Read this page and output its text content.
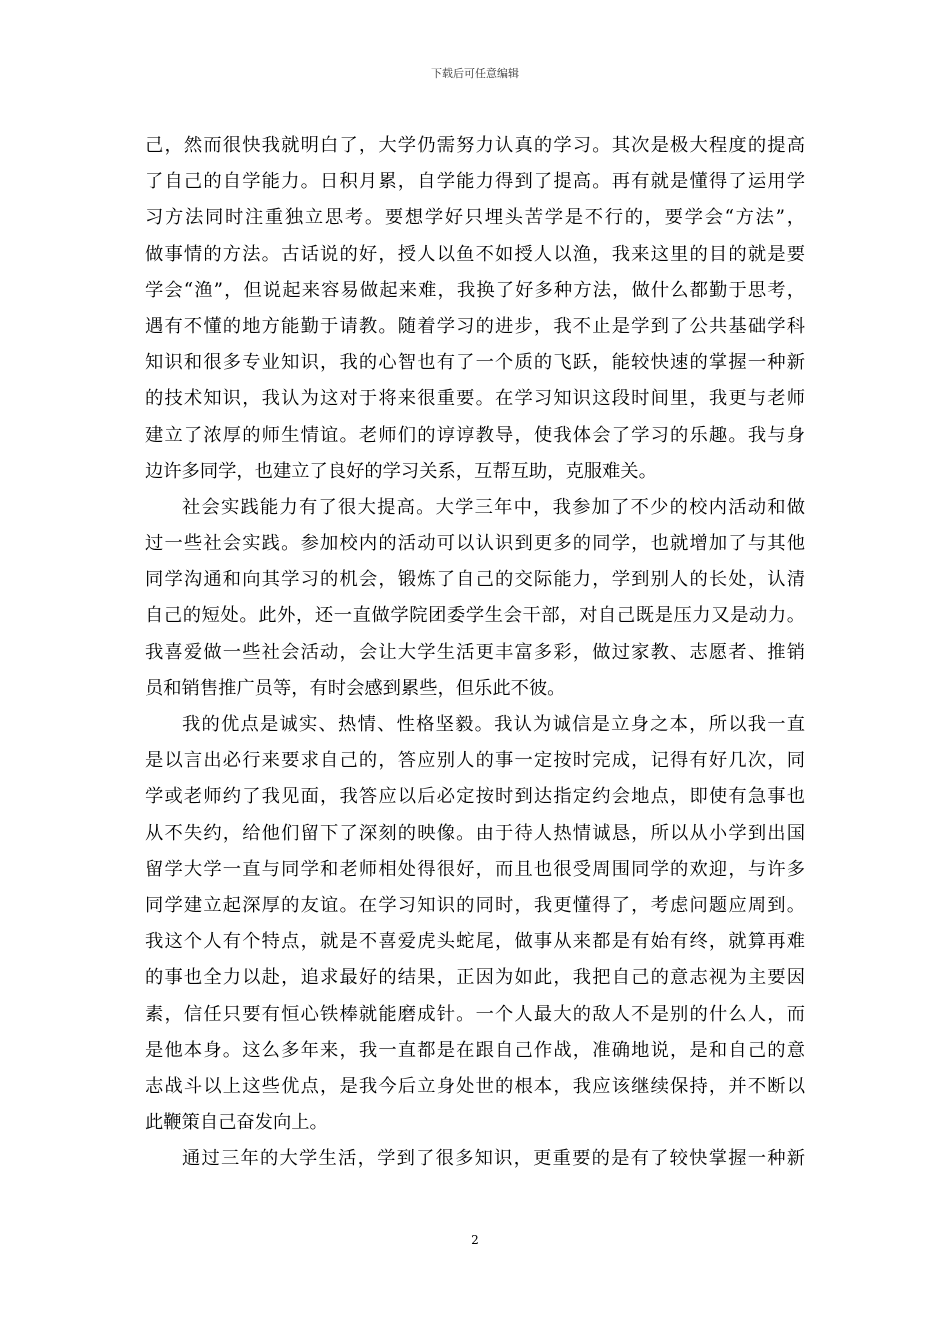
下载后可任意编辑
己，然而很快我就明白了，大学仍需努力认真的学习。其次是极大程度的提高
了自己的自学能力。日积月累，自学能力得到了提高。再有就是懂得了运用学
习方法同时注重独立思考。要想学好只埋头苦学是不行的，要学会“方法”，
做事情的方法。古话说的好，授人以鱼不如授人以渔，我来这里的目的就是要
学会“渔”，但说起来容易做起来难，我换了好多种方法，做什么都勤于思考，
遇有不懂的地方能勤于请教。随着学习的进步，我不止是学到了公共基础学科
知识和很多专业知识，我的心智也有了一个质的飞跃，能较快速的掌握一种新
的技术知识，我认为这对于将来很重要。在学习知识这段时间里，我更与老师
建立了浓厚的师生情谊。老师们的谆谆教导，使我体会了学习的乐趣。我与身
边许多同学，也建立了良好的学习关系，互帮互助，克服难关。
社会实践能力有了很大提高。大学三年中，我参加了不少的校内活动和做
过一些社会实践。参加校内的活动可以认识到更多的同学，也就增加了与其他
同学沟通和向其学习的机会，锻炼了自己的交际能力，学到别人的长处，认清
自己的短处。此外，还一直做学院团委学生会干部，对自己既是压力又是动力。
我喜爱做一些社会活动，会让大学生活更丰富多彩，做过家教、志愿者、推销
员和销售推广员等，有时会感到累些，但乐此不彼。
我的优点是诚实、热情、性格坚毅。我认为诚信是立身之本，所以我一直
是以言出必行来要求自己的，答应别人的事一定按时完成，记得有好几次，同
学或老师约了我见面，我答应以后必定按时到达指定约会地点，即使有急事也
从不失约，给他们留下了深刻的映像。由于待人热情诚恳，所以从小学到出国
留学大学一直与同学和老师相处得很好，而且也很受周围同学的欢迎，与许多
同学建立起深厚的友谊。在学习知识的同时，我更懂得了，考虑问题应周到。
我这个人有个特点，就是不喜爱虎头蛇尾，做事从来都是有始有终，就算再难
的事也全力以赴，追求最好的结果，正因为如此，我把自己的意志视为主要因
素，信任只要有恒心铁棒就能磨成针。一个人最大的敌人不是别的什么人，而
是他本身。这么多年来，我一直都是在跟自己作战，准确地说，是和自己的意
志战斗以上这些优点，是我今后立身处世的根本，我应该继续保持，并不断以
此鞭策自己奋发向上。
通过三年的大学生活，学到了很多知识，更重要的是有了较快掌握一种新
2
